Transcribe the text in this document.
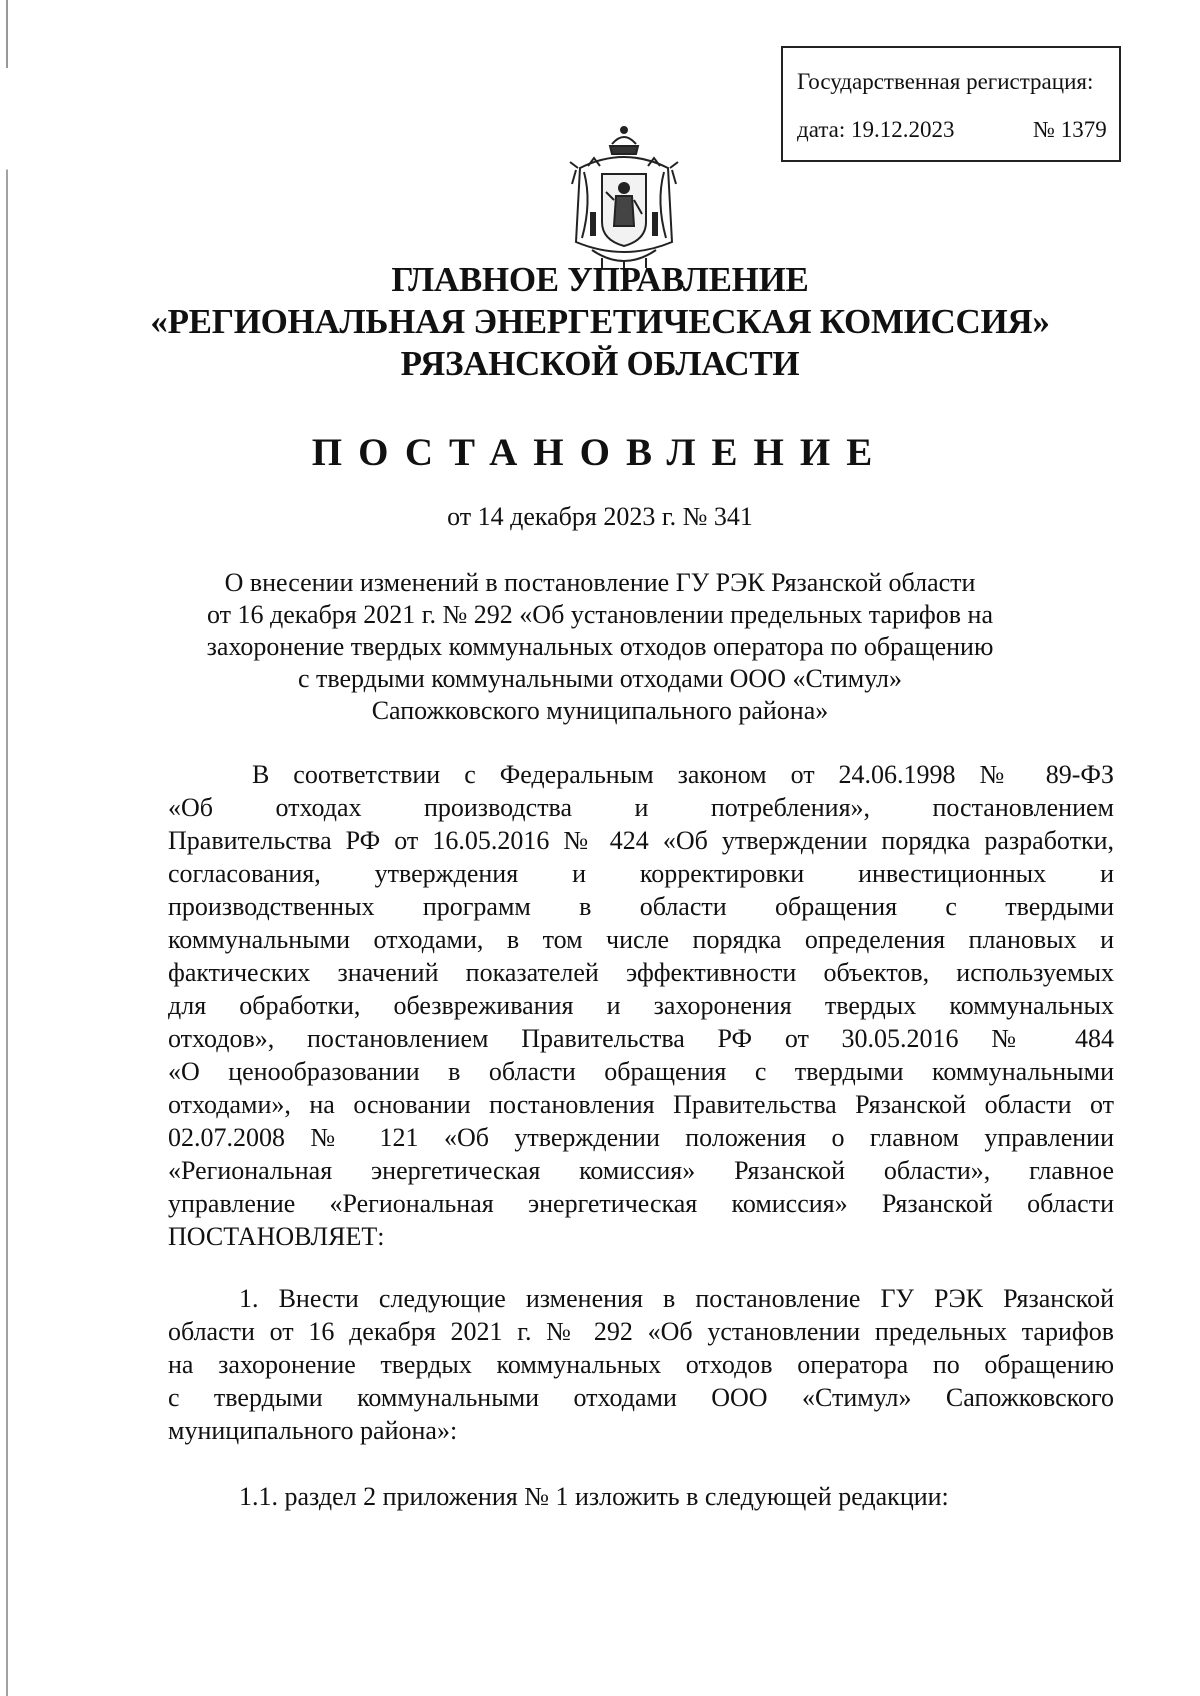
Государственная регистрация:
дата: 19.12.2023	№ 1379
ГЛАВНОЕ УПРАВЛЕНИЕ
«РЕГИОНАЛЬНАЯ ЭНЕРГЕТИЧЕСКАЯ КОМИССИЯ»
РЯЗАНСКОЙ ОБЛАСТИ
ПОСТАНОВЛЕНИЕ
от 14 декабря 2023 г. № 341
О внесении изменений в постановление ГУ РЭК Рязанской области
от 16 декабря 2021 г. № 292 «Об установлении предельных тарифов на
захоронение твердых коммунальных отходов оператора по обращению
с твердыми коммунальными отходами ООО «Стимул»
Сапожковского муниципального района»
В соответствии с Федеральным законом от 24.06.1998 № 89-ФЗ
«Об отходах производства и потребления», постановлением
Правительства РФ от 16.05.2016 № 424 «Об утверждении порядка разработки,
согласования, утверждения и корректировки инвестиционных и
производственных программ в области обращения с твердыми
коммунальными отходами, в том числе порядка определения плановых и
фактических значений показателей эффективности объектов, используемых
для обработки, обезвреживания и захоронения твердых коммунальных
отходов», постановлением Правительства РФ от 30.05.2016 № 484
«О ценообразовании в области обращения с твердыми коммунальными
отходами», на основании постановления Правительства Рязанской области от
02.07.2008 № 121 «Об утверждении положения о главном управлении
«Региональная энергетическая комиссия» Рязанской области», главное
управление «Региональная энергетическая комиссия» Рязанской области
ПОСТАНОВЛЯЕТ:
1. Внести следующие изменения в постановление ГУ РЭК Рязанской
области от 16 декабря 2021 г. № 292 «Об установлении предельных тарифов
на захоронение твердых коммунальных отходов оператора по обращению
с твердыми коммунальными отходами ООО «Стимул» Сапожковского
муниципального района»:
1.1. раздел 2 приложения № 1 изложить в следующей редакции:
